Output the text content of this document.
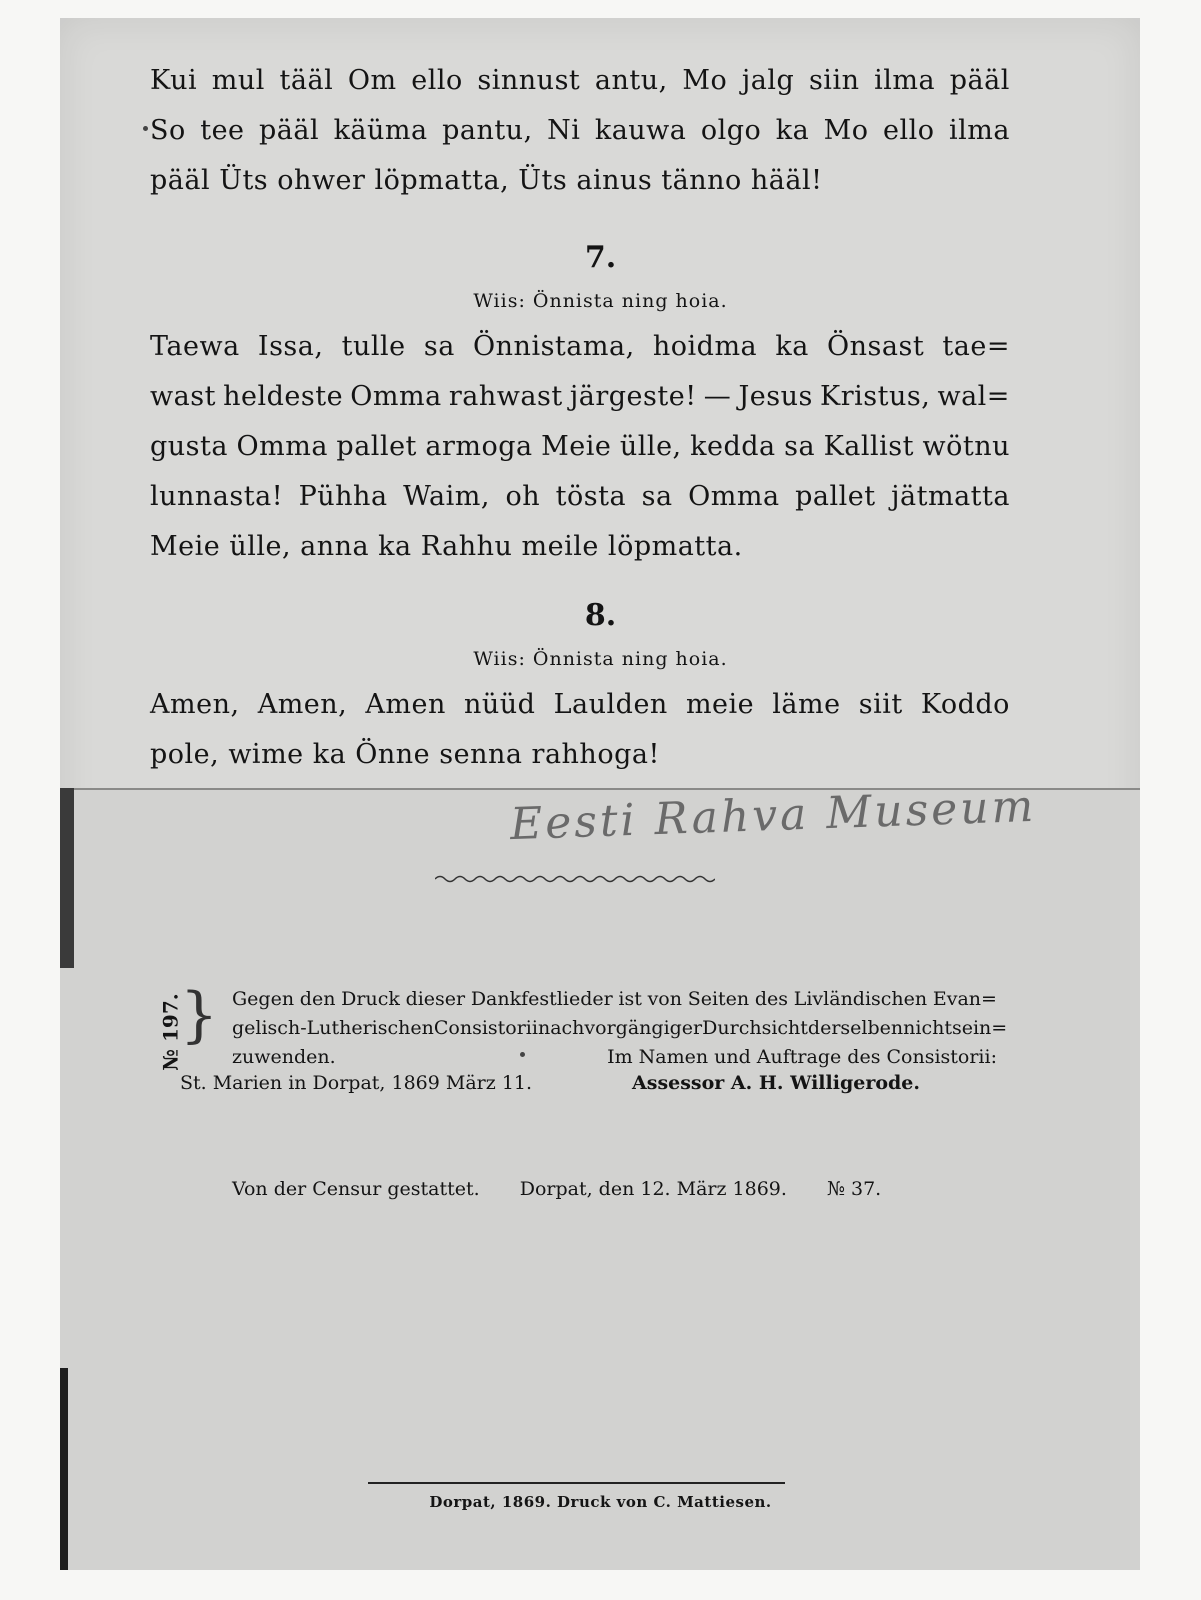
Kui mul tääl Om ello sinnust antu, Mo jalg siin ilma pääl
So tee pääl käüma pantu, Ni kauwa olgo ka Mo ello ilma
pääl Üts ohwer löpmatta, Üts ainus tänno hääl!
7.
Wiis: Önnista ning hoia.
Taewa Issa, tulle sa Önnistama, hoidma ka Önsast tae=
wast heldeste Omma rahwast järgeste! — Jesus Kristus, wal=
gusta Omma pallet armoga Meie ülle, kedda sa Kallist wötnu
lunnasta! Pühha Waim, oh tösta sa Omma pallet jätmatta
Meie ülle, anna ka Rahhu meile löpmatta.
8.
Wiis: Önnista ning hoia.
Amen, Amen, Amen nüüd Laulden meie läme siit Koddo
pole, wime ka Önne senna rahhoga!
Eesti Rahva Museum
№ 197.
} Gegen den Druck dieser Dankfestlieder ist von Seiten des Livländischen Evan=
gelisch-Lutherischen Consistorii nach vorgängiger Durchsicht derselben nichts ein=
zuwenden.	Im Namen und Auftrage des Consistorii:
St. Marien in Dorpat, 1869 März 11.	Assessor A. H. Willigerode.
Von der Censur gestattet. Dorpat, den 12. März 1869. № 37.
Dorpat, 1869. Druck von C. Mattiesen.
